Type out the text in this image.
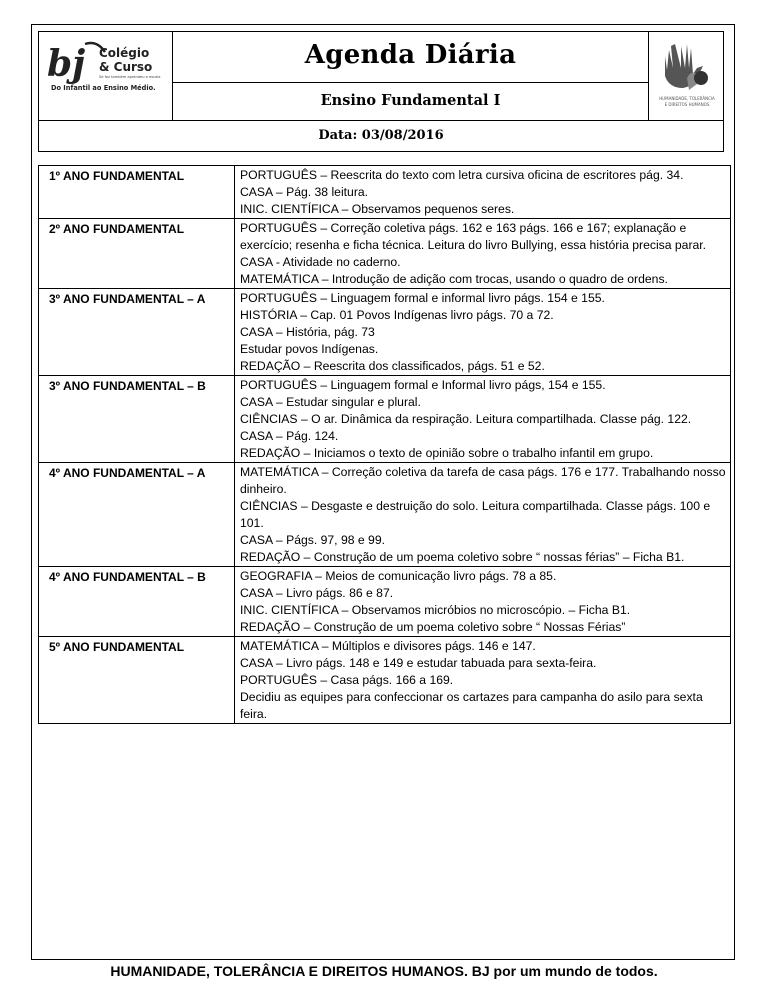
bj Colégio
& Curso
Se fez também aprendeu a escola
Do Infantil ao Ensino Médio.
Agenda Diária
Ensino Fundamental I	HUMANIDADE, TOLERÂNCIA
E DIREITOS HUMANOS
Data: 03/08/2016
1º ANO FUNDAMENTAL	PORTUGUÊS – Reescrita do texto com letra cursiva oficina de escritores pág. 34.
CASA – Pág. 38 leitura.
INIC. CIENTÍFICA – Observamos pequenos seres.

2º ANO FUNDAMENTAL	PORTUGUÊS – Correção coletiva págs. 162 e 163 págs. 166 e 167; explanação e exercício; resenha e ficha técnica. Leitura do livro Bullying, essa história precisa parar.
CASA - Atividade no caderno.
MATEMÁTICA – Introdução de adição com trocas, usando o quadro de ordens.

3º ANO FUNDAMENTAL – A	PORTUGUÊS – Linguagem formal e informal livro págs. 154 e 155.
HISTÓRIA – Cap. 01 Povos Indígenas livro págs. 70 a 72.
CASA – História, pág. 73
Estudar povos Indígenas.
REDAÇÃO – Reescrita dos classificados, págs. 51 e 52.

3º ANO FUNDAMENTAL – B	PORTUGUÊS – Linguagem formal e Informal livro págs, 154 e 155.
CASA – Estudar singular e plural.
CIÊNCIAS – O ar. Dinâmica da respiração. Leitura compartilhada. Classe pág. 122.
CASA – Pág. 124.
REDAÇÃO – Iniciamos o texto de opinião sobre o trabalho infantil em grupo.

4º ANO FUNDAMENTAL – A	MATEMÁTICA – Correção coletiva da tarefa de casa págs. 176 e 177. Trabalhando nosso dinheiro.
CIÊNCIAS – Desgaste e destruição do solo. Leitura compartilhada. Classe págs. 100 e 101.
CASA – Págs. 97, 98 e 99.
REDAÇÃO – Construção de um poema coletivo sobre “ nossas férias” – Ficha B1.

4º ANO FUNDAMENTAL – B	GEOGRAFIA – Meios de comunicação livro págs. 78 a 85.
CASA – Livro págs. 86 e 87.
INIC. CIENTÍFICA – Observamos micróbios no microscópio. – Ficha B1.
REDAÇÃO – Construção de um poema coletivo sobre “ Nossas Férias”

5º ANO FUNDAMENTAL	MATEMÁTICA – Múltiplos e divisores págs. 146 e 147.
CASA – Livro págs. 148 e 149 e estudar tabuada para sexta-feira.
PORTUGUÊS – Casa págs. 166 a 169.
Decidiu as equipes para confeccionar os cartazes para campanha do asilo para sexta feira.
HUMANIDADE, TOLERÂNCIA E DIREITOS HUMANOS. BJ por um mundo de todos.
